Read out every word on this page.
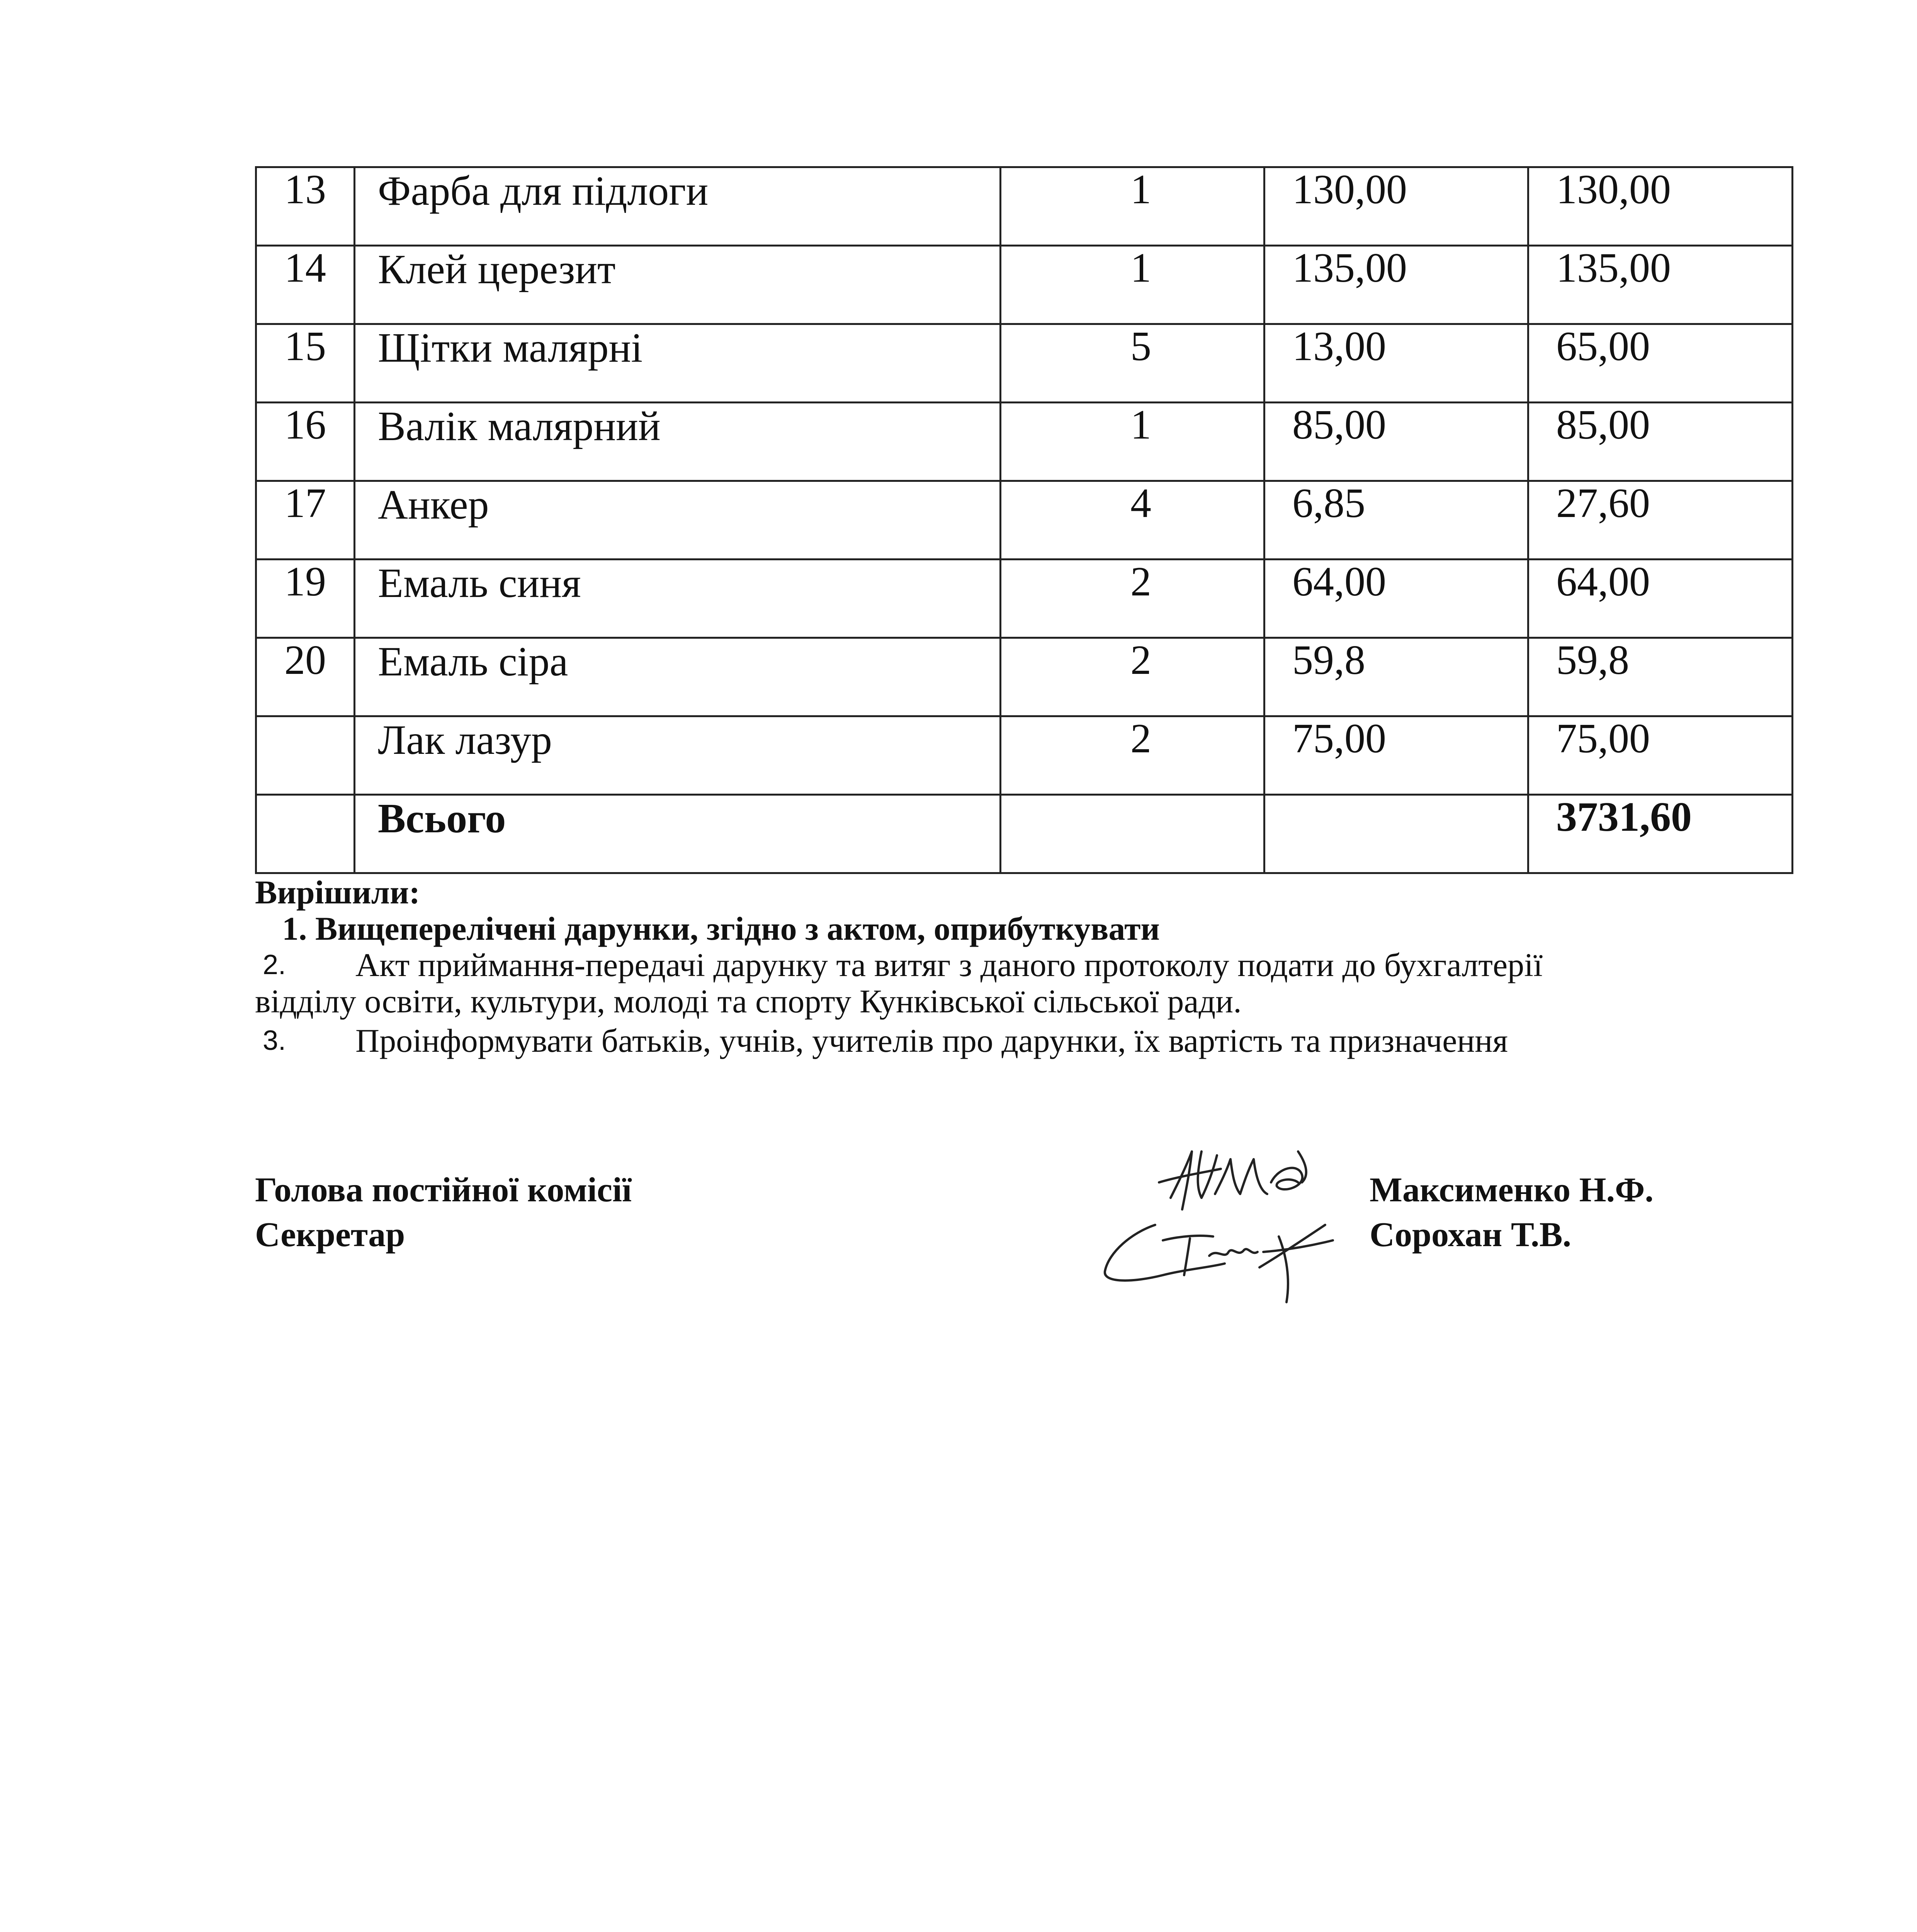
13	Фарба для підлоги	1	130,00	130,00
14	Клей церезит	1	135,00	135,00
15	Щітки малярні	5	13,00	65,00
16	Валік малярний	1	85,00	85,00
17	Анкер	4	6,85	27,60
19	Емаль синя	2	64,00	64,00
20	Емаль сіра	2	59,8	59,8
	Лак лазур	2	75,00	75,00
	Всього			3731,60

Вирішили:

1. Вищеперелічені дарунки, згідно з актом, оприбуткувати

2.	Акт приймання-передачі дарунку та витяг з даного протоколу подати до бухгалтерії

відділу освіти, культури, молоді та спорту Кунківської сільської ради.

3.	Проінформувати батьків, учнів, учителів про дарунки, їх вартість та призначення
Голова постійної комісії	Максименко Н.Ф.
Секретар	Сорохан Т.В.
